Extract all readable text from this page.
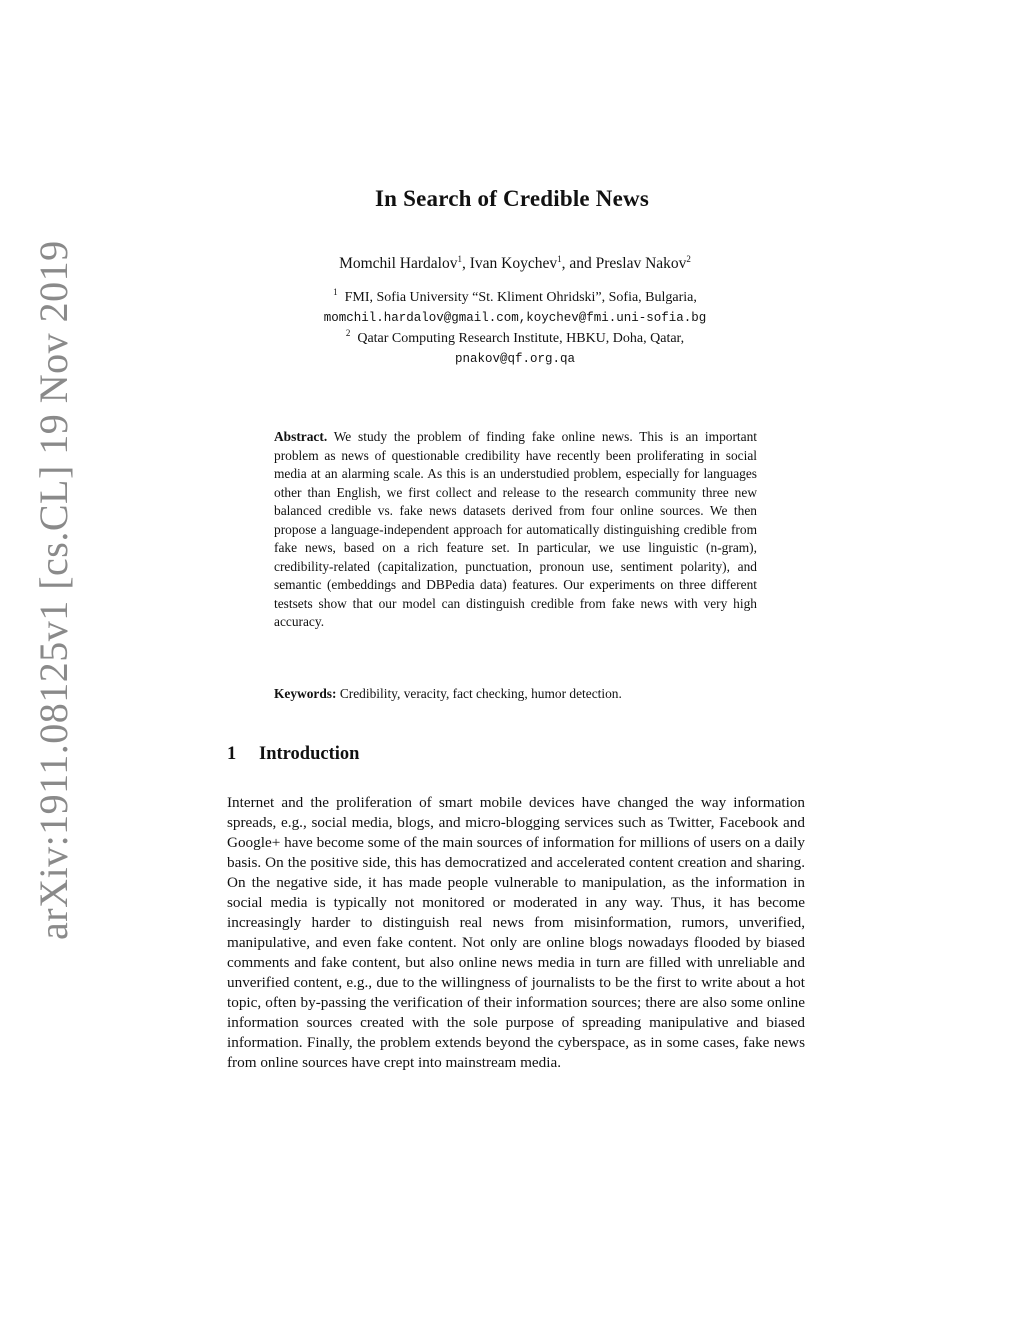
arXiv:1911.08125v1 [cs.CL] 19 Nov 2019
In Search of Credible News
Momchil Hardalov$^1$, Ivan Koychev$^1$, and Preslav Nakov$^2$
$^1$ FMI, Sofia University “St. Kliment Ohridski”, Sofia, Bulgaria,
momchil.hardalov@gmail.com,koychev@fmi.uni-sofia.bg
$^2$ Qatar Computing Research Institute, HBKU, Doha, Qatar,
pnakov@qf.org.qa
Abstract. We study the problem of finding fake online news. This is an important problem as news of questionable credibility have recently been proliferating in social media at an alarming scale. As this is an understudied problem, especially for languages other than English, we first collect and release to the research community three new balanced credible vs. fake news datasets derived from four online sources. We then propose a language-independent approach for automatically distinguishing credible from fake news, based on a rich feature set. In particular, we use linguistic (n-gram), credibility-related (capitalization, punctuation, pronoun use, sentiment polarity), and semantic (embeddings and DBPedia data) features. Our experiments on three different testsets show that our model can distinguish credible from fake news with very high accuracy.
Keywords: Credibility, veracity, fact checking, humor detection.
1 Introduction
Internet and the proliferation of smart mobile devices have changed the way information spreads, e.g., social media, blogs, and micro-blogging services such as Twitter, Facebook and Google+ have become some of the main sources of information for millions of users on a daily basis. On the positive side, this has democratized and accelerated content creation and sharing. On the negative side, it has made people vulnerable to manipulation, as the information in social media is typically not monitored or moderated in any way. Thus, it has become increasingly harder to distinguish real news from misinformation, rumors, unverified, manipulative, and even fake content. Not only are online blogs nowadays flooded by biased comments and fake content, but also online news media in turn are filled with unreliable and unverified content, e.g., due to the willingness of journalists to be the first to write about a hot topic, often by-passing the verification of their information sources; there are also some online information sources created with the sole purpose of spreading manipulative and biased information. Finally, the problem extends beyond the cyberspace, as in some cases, fake news from online sources have crept into mainstream media.
